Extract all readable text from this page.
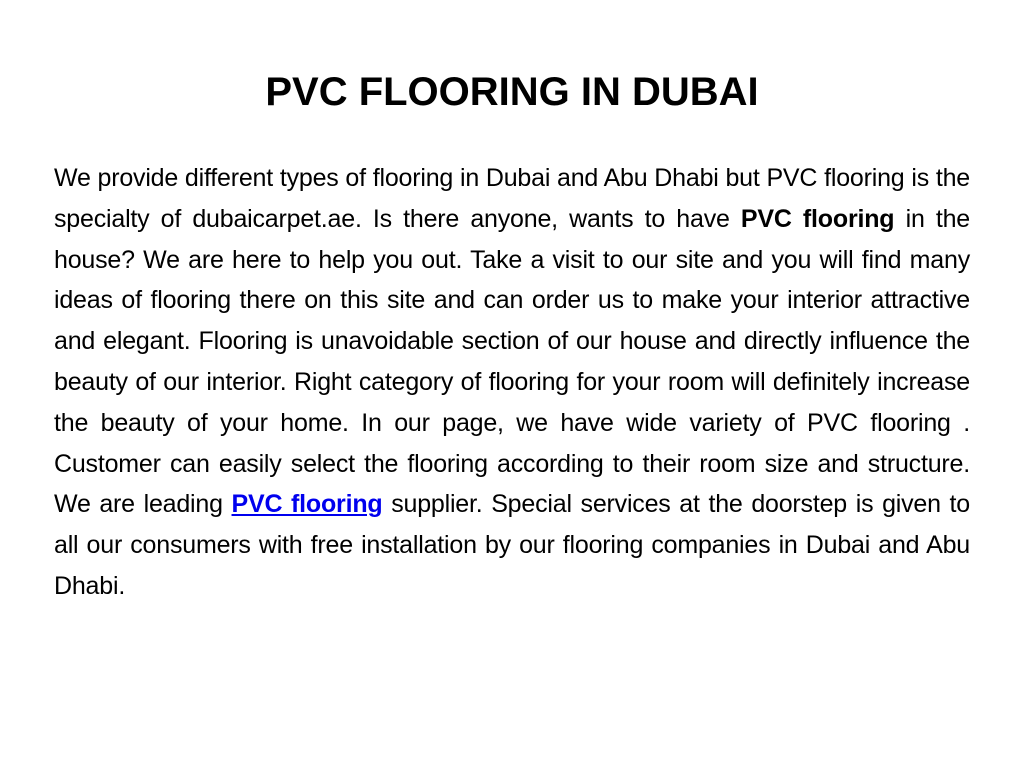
PVC FLOORING IN DUBAI

We provide different types of flooring in Dubai and Abu Dhabi but PVC flooring is the specialty of dubaicarpet.ae. Is there anyone, wants to have PVC flooring in the house? We are here to help you out. Take a visit to our site and you will find many ideas of flooring there on this site and can order us to make your interior attractive and elegant. Flooring is unavoidable section of our house and directly influence the beauty of our interior. Right category of flooring for your room will definitely increase the beauty of your home. In our page, we have wide variety of PVC flooring . Customer can easily select the flooring according to their room size and structure. We are leading PVC flooring supplier. Special services at the doorstep is given to all our consumers with free installation by our flooring companies in Dubai and Abu Dhabi.
